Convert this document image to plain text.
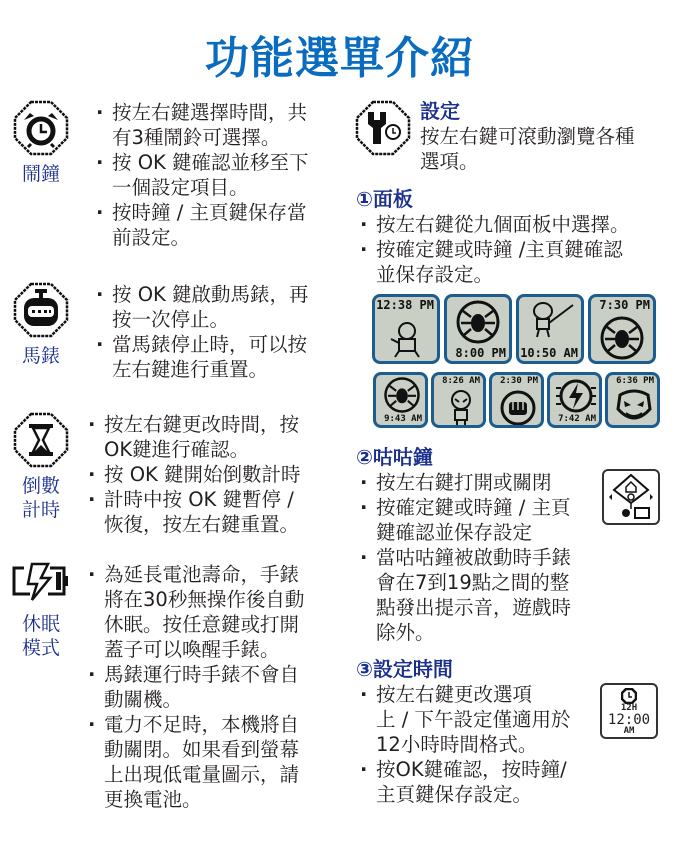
功能選單介紹
鬧鐘
· 按左右鍵選擇時間，共
有3種鬧鈴可選擇。
· 按 OK 鍵確認並移至下
一個設定項目。
· 按時鐘 / 主頁鍵保存當
前設定。
馬錶
· 按 OK 鍵啟動馬錶，再
按一次停止。
· 當馬錶停止時，可以按
左右鍵進行重置。
倒數
計時
· 按左右鍵更改時間，按
OK鍵進行確認。
· 按 OK 鍵開始倒數計時
· 計時中按 OK 鍵暫停 /
恢復，按左右鍵重置。
休眠
模式
· 為延長電池壽命，手錶
將在30秒無操作後自動
休眠。按任意鍵或打開
蓋子可以喚醒手錶。
· 馬錶運行時手錶不會自
動關機。
· 電力不足時，本機將自
動關閉。如果看到螢幕
上出現低電量圖示，請
更換電池。
設定
按左右鍵可滾動瀏覽各種
選項。
①面板
· 按左右鍵從九個面板中選擇。
· 按確定鍵或時鐘 /主頁鍵確認
並保存設定。
12:38 PM
8:00 PM 10:50 AM
7:30 PM
9:43 AM
8:26 AM 2:30 PM
7:42 AM
6:36 PM
②咕咕鐘
· 按左右鍵打開或關閉
· 按確定鍵或時鐘 / 主頁
鍵確認並保存設定
· 當咕咕鐘被啟動時手錶
會在7到19點之間的整
點發出提示音，遊戲時
除外。
③設定時間
· 按左右鍵更改選項
上 / 下午設定僅適用於
12小時時間格式。
· 按OK鍵確認，按時鐘/
主頁鍵保存設定。
12H
12:00
AM
